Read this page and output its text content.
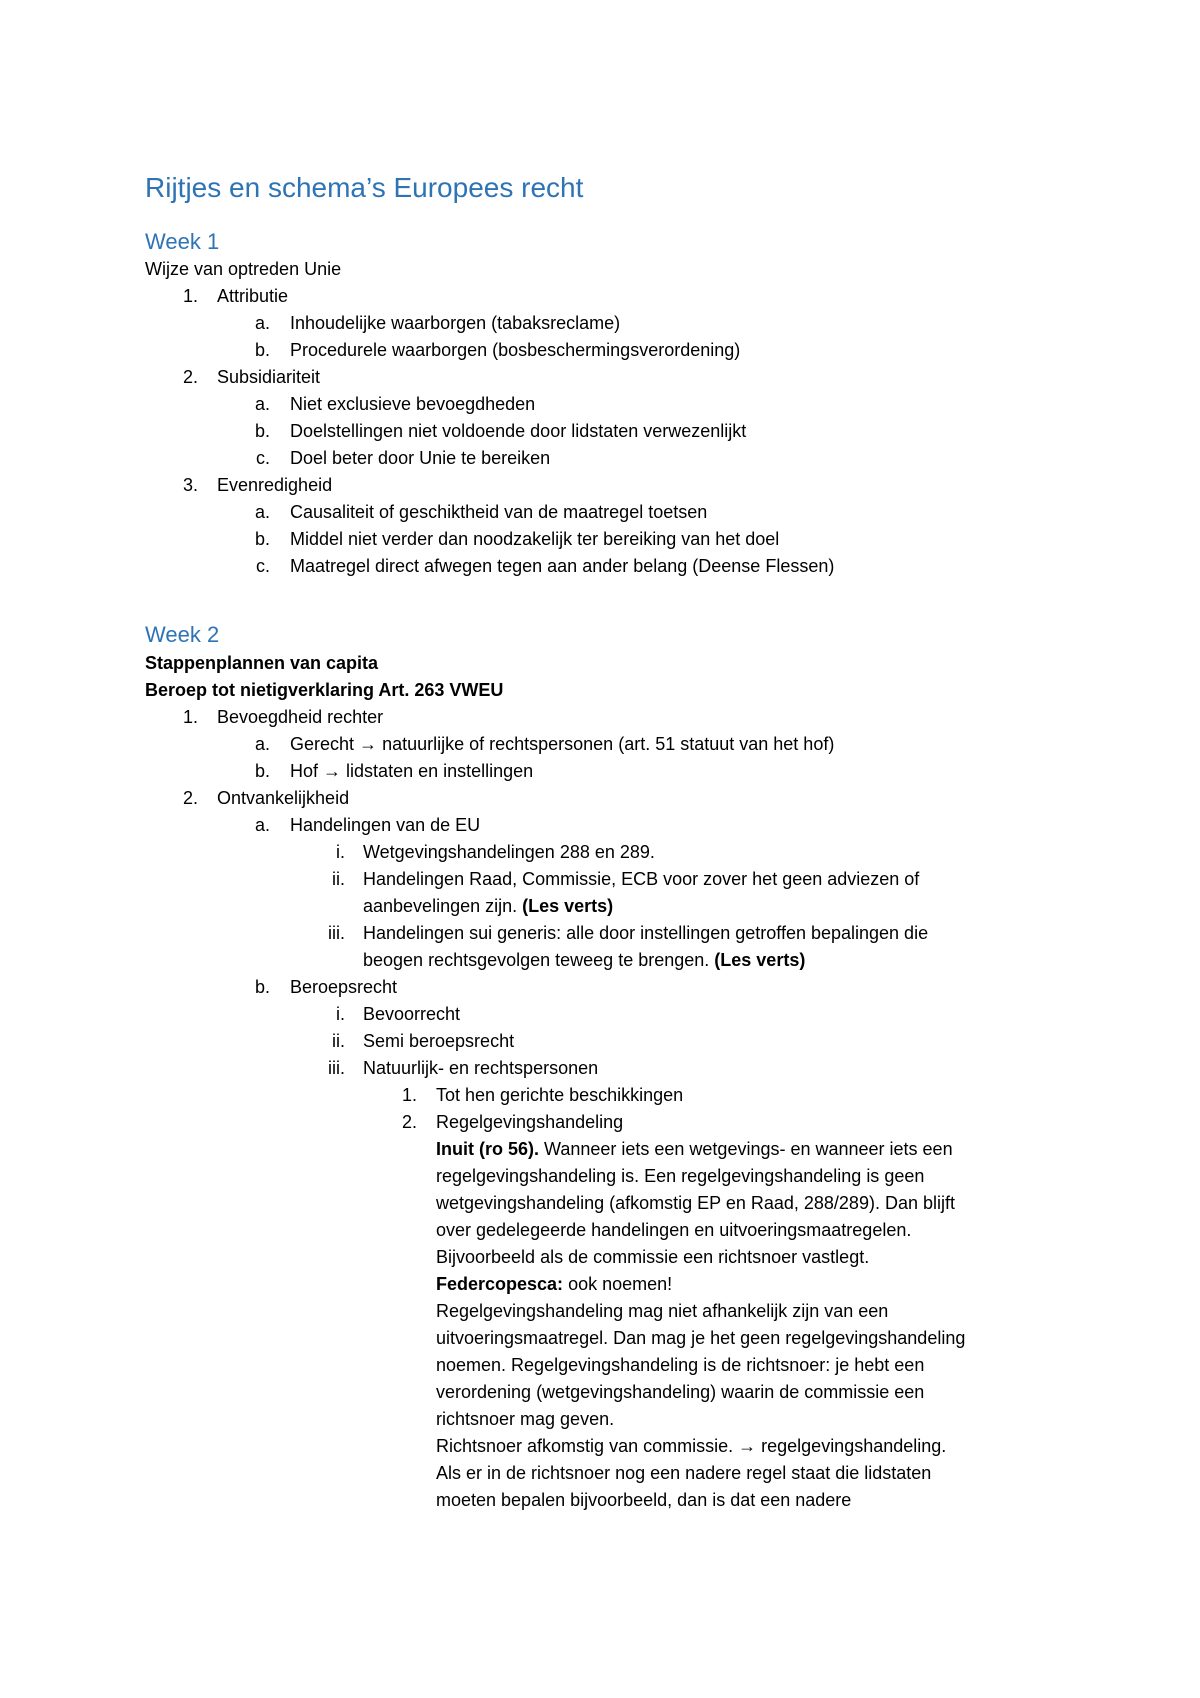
Rijtjes en schema’s Europees recht
Week 1
Wijze van optreden Unie
1. Attributie
a. Inhoudelijke waarborgen (tabaksreclame)
b. Procedurele waarborgen (bosbeschermingsverordening)
2. Subsidiariteit
a. Niet exclusieve bevoegdheden
b. Doelstellingen niet voldoende door lidstaten verwezenlijkt
c. Doel beter door Unie te bereiken
3. Evenredigheid
a. Causaliteit of geschiktheid van de maatregel toetsen
b. Middel niet verder dan noodzakelijk ter bereiking van het doel
c. Maatregel direct afwegen tegen aan ander belang (Deense Flessen)
Week 2
Stappenplannen van capita
Beroep tot nietigverklaring Art. 263 VWEU
1. Bevoegdheid rechter
a. Gerecht → natuurlijke of rechtspersonen (art. 51 statuut van het hof)
b. Hof → lidstaten en instellingen
2. Ontvankelijkheid
a. Handelingen van de EU
i. Wetgevingshandelingen 288 en 289.
ii. Handelingen Raad, Commissie, ECB voor zover het geen adviezen of
aanbevelingen zijn. (Les verts)
iii. Handelingen sui generis: alle door instellingen getroffen bepalingen die
beogen rechtsgevolgen teweeg te brengen. (Les verts)
b. Beroepsrecht
i. Bevoorrecht
ii. Semi beroepsrecht
iii. Natuurlijk- en rechtspersonen
1. Tot hen gerichte beschikkingen
2. Regelgevingshandeling
Inuit (ro 56). Wanneer iets een wetgevings- en wanneer iets een
regelgevingshandeling is. Een regelgevingshandeling is geen
wetgevingshandeling (afkomstig EP en Raad, 288/289). Dan blijft
over gedelegeerde handelingen en uitvoeringsmaatregelen.
Bijvoorbeeld als de commissie een richtsnoer vastlegt.
Federcopesca: ook noemen!
Regelgevingshandeling mag niet afhankelijk zijn van een
uitvoeringsmaatregel. Dan mag je het geen regelgevingshandeling
noemen. Regelgevingshandeling is de richtsnoer: je hebt een
verordening (wetgevingshandeling) waarin de commissie een
richtsnoer mag geven.
Richtsnoer afkomstig van commissie. → regelgevingshandeling.
Als er in de richtsnoer nog een nadere regel staat die lidstaten
moeten bepalen bijvoorbeeld, dan is dat een nadere
